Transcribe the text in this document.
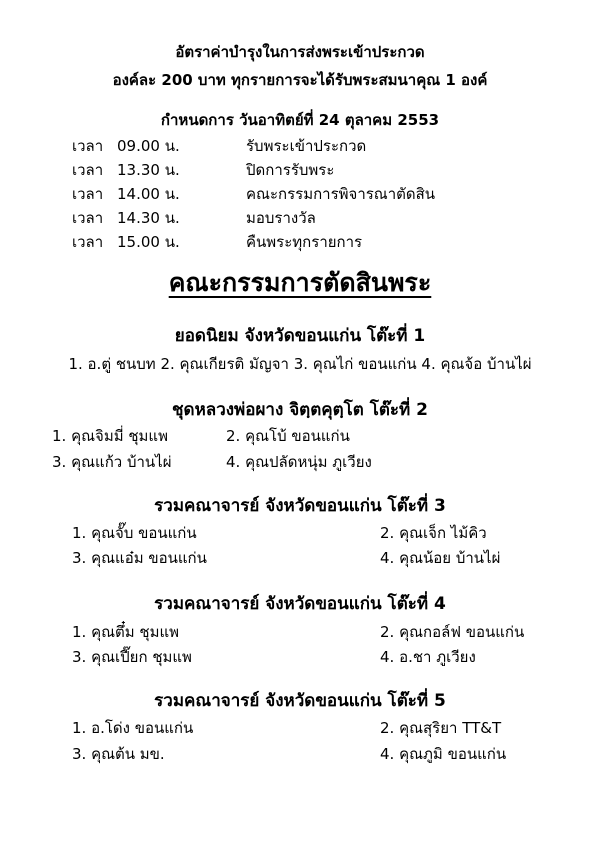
อัตราค่าบำรุงในการส่งพระเข้าประกวด
องค์ละ 200 บาท ทุกรายการจะได้รับพระสมนาคุณ 1 องค์
กำหนดการ วันอาทิตย์ที่ 24 ตุลาคม 2553
เวลา 09.00 น.	รับพระเข้าประกวด
เวลา 13.30 น.	ปิดการรับพระ
เวลา 14.00 น.	คณะกรรมการพิจารณาตัดสิน
เวลา 14.30 น.	มอบรางวัล
เวลา 15.00 น.	คืนพระทุกรายการ
คณะกรรมการตัดสินพระ
ยอดนิยม จังหวัดขอนแก่น โต๊ะที่ 1
1. อ.ตู่ ชนบท 2. คุณเกียรติ มัญจา 3. คุณไก่ ขอนแก่น 4. คุณจ้อ บ้านไผ่
ชุดหลวงพ่อผาง จิตฺตคุตฺโต โต๊ะที่ 2
1. คุณจิมมี่ ชุมแพ	2. คุณโบ้ ขอนแก่น
3. คุณแก้ว บ้านไผ่	4. คุณปลัดหนุ่ม ภูเวียง
รวมคณาจารย์ จังหวัดขอนแก่น โต๊ะที่ 3
1. คุณจั๊บ ขอนแก่น	2. คุณเจ็ก ไม้คิว
3. คุณแอ๋ม ขอนแก่น	4. คุณน้อย บ้านไผ่
รวมคณาจารย์ จังหวัดขอนแก่น โต๊ะที่ 4
1. คุณตึ๋ม ชุมแพ	2. คุณกอล์ฟ ขอนแก่น
3. คุณเปี๊ยก ชุมแพ	4. อ.ชา ภูเวียง
รวมคณาจารย์ จังหวัดขอนแก่น โต๊ะที่ 5
1. อ.โด่ง ขอนแก่น	2. คุณสุริยา TT&T
3. คุณต้น มข.	4. คุณภูมิ ขอนแก่น
